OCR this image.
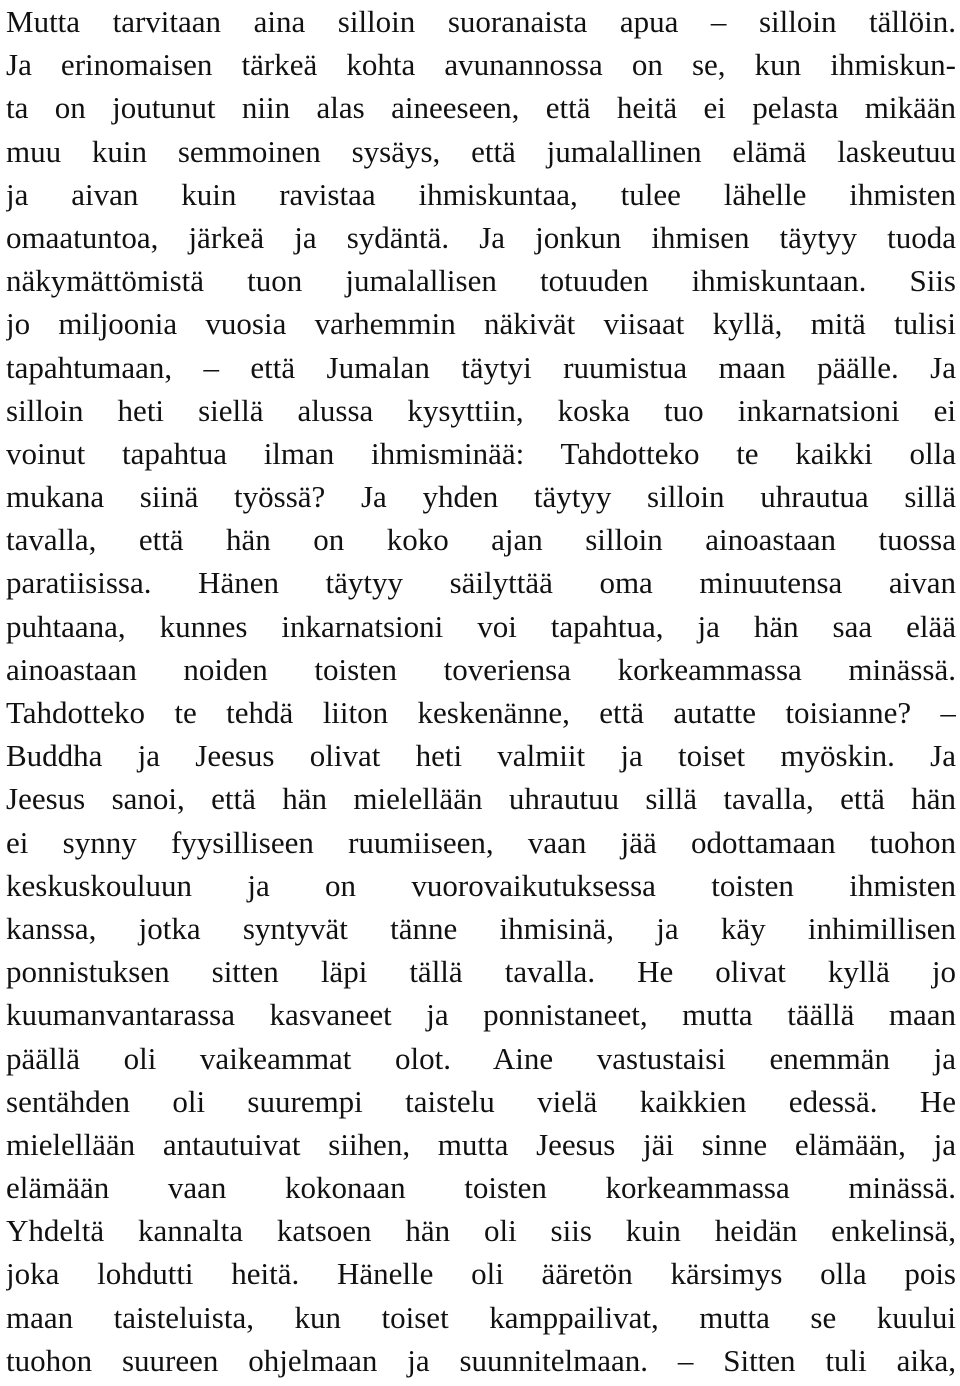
Mutta tarvitaan aina silloin suoranaista apua – silloin tällöin.
Ja erinomaisen tärkeä kohta avunannossa on se, kun ihmiskun-
ta on joutunut niin alas aineeseen, että heitä ei pelasta mikään
muu kuin semmoinen sysäys, että jumalallinen elämä laskeutuu
ja aivan kuin ravistaa ihmiskuntaa, tulee lähelle ihmisten
omaatuntoa, järkeä ja sydäntä. Ja jonkun ihmisen täytyy tuoda
näkymättömistä tuon jumalallisen totuuden ihmiskuntaan. Siis
jo miljoonia vuosia varhemmin näkivät viisaat kyllä, mitä tulisi
tapahtumaan, – että Jumalan täytyi ruumistua maan päälle. Ja
silloin heti siellä alussa kysyttiin, koska tuo inkarnatsioni ei
voinut tapahtua ilman ihmisminää: Tahdotteko te kaikki olla
mukana siinä työssä? Ja yhden täytyy silloin uhrautua sillä
tavalla, että hän on koko ajan silloin ainoastaan tuossa
paratiisissa. Hänen täytyy säilyttää oma minuutensa aivan
puhtaana, kunnes inkarnatsioni voi tapahtua, ja hän saa elää
ainoastaan noiden toisten toveriensa korkeammassa minässä.
Tahdotteko te tehdä liiton keskenänne, että autatte toisianne? –
Buddha ja Jeesus olivat heti valmiit ja toiset myöskin. Ja
Jeesus sanoi, että hän mielellään uhrautuu sillä tavalla, että hän
ei synny fyysilliseen ruumiiseen, vaan jää odottamaan tuohon
keskuskouluun ja on vuorovaikutuksessa toisten ihmisten
kanssa, jotka syntyvät tänne ihmisinä, ja käy inhimillisen
ponnistuksen sitten läpi tällä tavalla. He olivat kyllä jo
kuumanvantarassa kasvaneet ja ponnistaneet, mutta täällä maan
päällä oli vaikeammat olot. Aine vastustaisi enemmän ja
sentähden oli suurempi taistelu vielä kaikkien edessä. He
mielellään antautuivat siihen, mutta Jeesus jäi sinne elämään, ja
elämään vaan kokonaan toisten korkeammassa minässä.
Yhdeltä kannalta katsoen hän oli siis kuin heidän enkelinsä,
joka lohdutti heitä. Hänelle oli ääretön kärsimys olla pois
maan taisteluista, kun toiset kamppailivat, mutta se kuului
tuohon suureen ohjelmaan ja suunnitelmaan. – Sitten tuli aika,
